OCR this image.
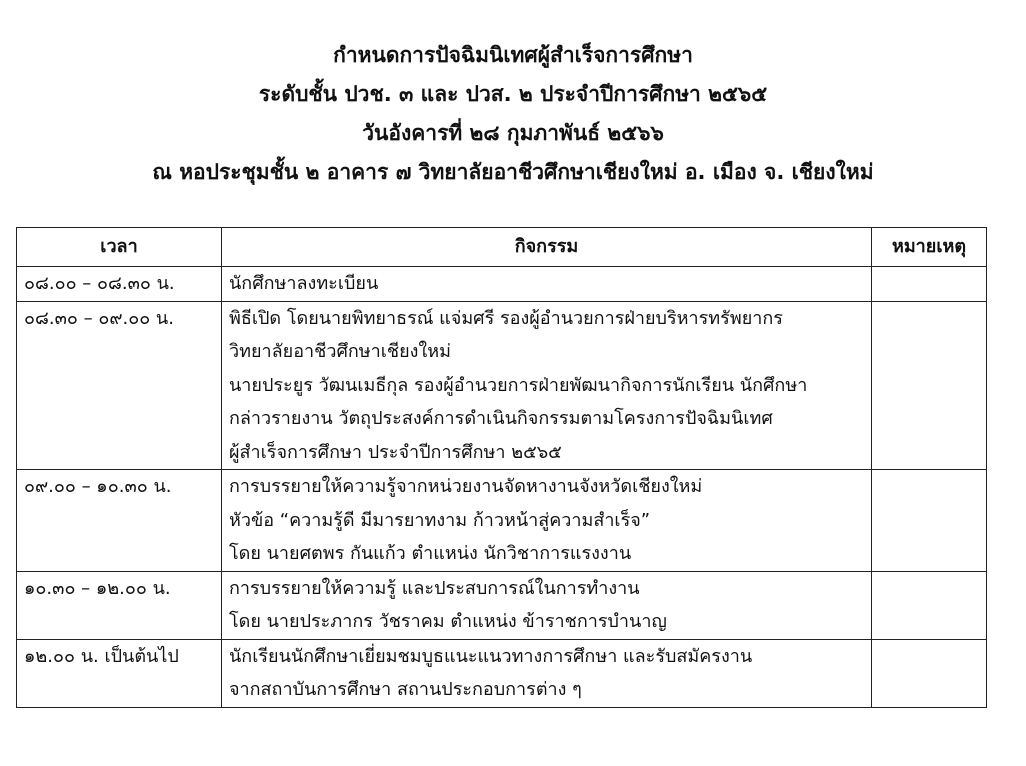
กำหนดการปัจฉิมนิเทศผู้สำเร็จการศึกษา
ระดับชั้น ปวช. ๓ และ ปวส. ๒ ประจำปีการศึกษา ๒๕๖๕
วันอังคารที่ ๒๘ กุมภาพันธ์ ๒๕๖๖
ณ หอประชุมชั้น ๒ อาคาร ๗ วิทยาลัยอาชีวศึกษาเชียงใหม่ อ. เมือง จ. เชียงใหม่
เวลา	กิจกรรม	หมายเหตุ
๐๘.๐๐ – ๐๘.๓๐ น.	นักศึกษาลงทะเบียน	

๐๘.๓๐ – ๐๙.๐๐ น.	พิธีเปิด โดยนายพิทยาธรณ์ แจ่มศรี รองผู้อำนวยการฝ่ายบริหารทรัพยากร
วิทยาลัยอาชีวศึกษาเชียงใหม่
นายประยูร วัฒนเมธีกุล รองผู้อำนวยการฝ่ายพัฒนากิจการนักเรียน นักศึกษา
กล่าวรายงาน วัตถุประสงค์การดำเนินกิจกรรมตามโครงการปัจฉิมนิเทศ
ผู้สำเร็จการศึกษา ประจำปีการศึกษา ๒๕๖๕	

๐๙.๐๐ – ๑๐.๓๐ น.	การบรรยายให้ความรู้จากหน่วยงานจัดหางานจังหวัดเชียงใหม่
หัวข้อ “ความรู้ดี มีมารยาทงาม ก้าวหน้าสู่ความสำเร็จ”
โดย นายศตพร กันแก้ว ตำแหน่ง นักวิชาการแรงงาน	

๑๐.๓๐ – ๑๒.๐๐ น.	การบรรยายให้ความรู้ และประสบการณ์ในการทำงาน
โดย นายประภากร วัชราคม ตำแหน่ง ข้าราชการบำนาญ	

๑๒.๐๐ น. เป็นต้นไป	นักเรียนนักศึกษาเยี่ยมชมบูธแนะแนวทางการศึกษา และรับสมัครงาน
จากสถาบันการศึกษา สถานประกอบการต่าง ๆ	
